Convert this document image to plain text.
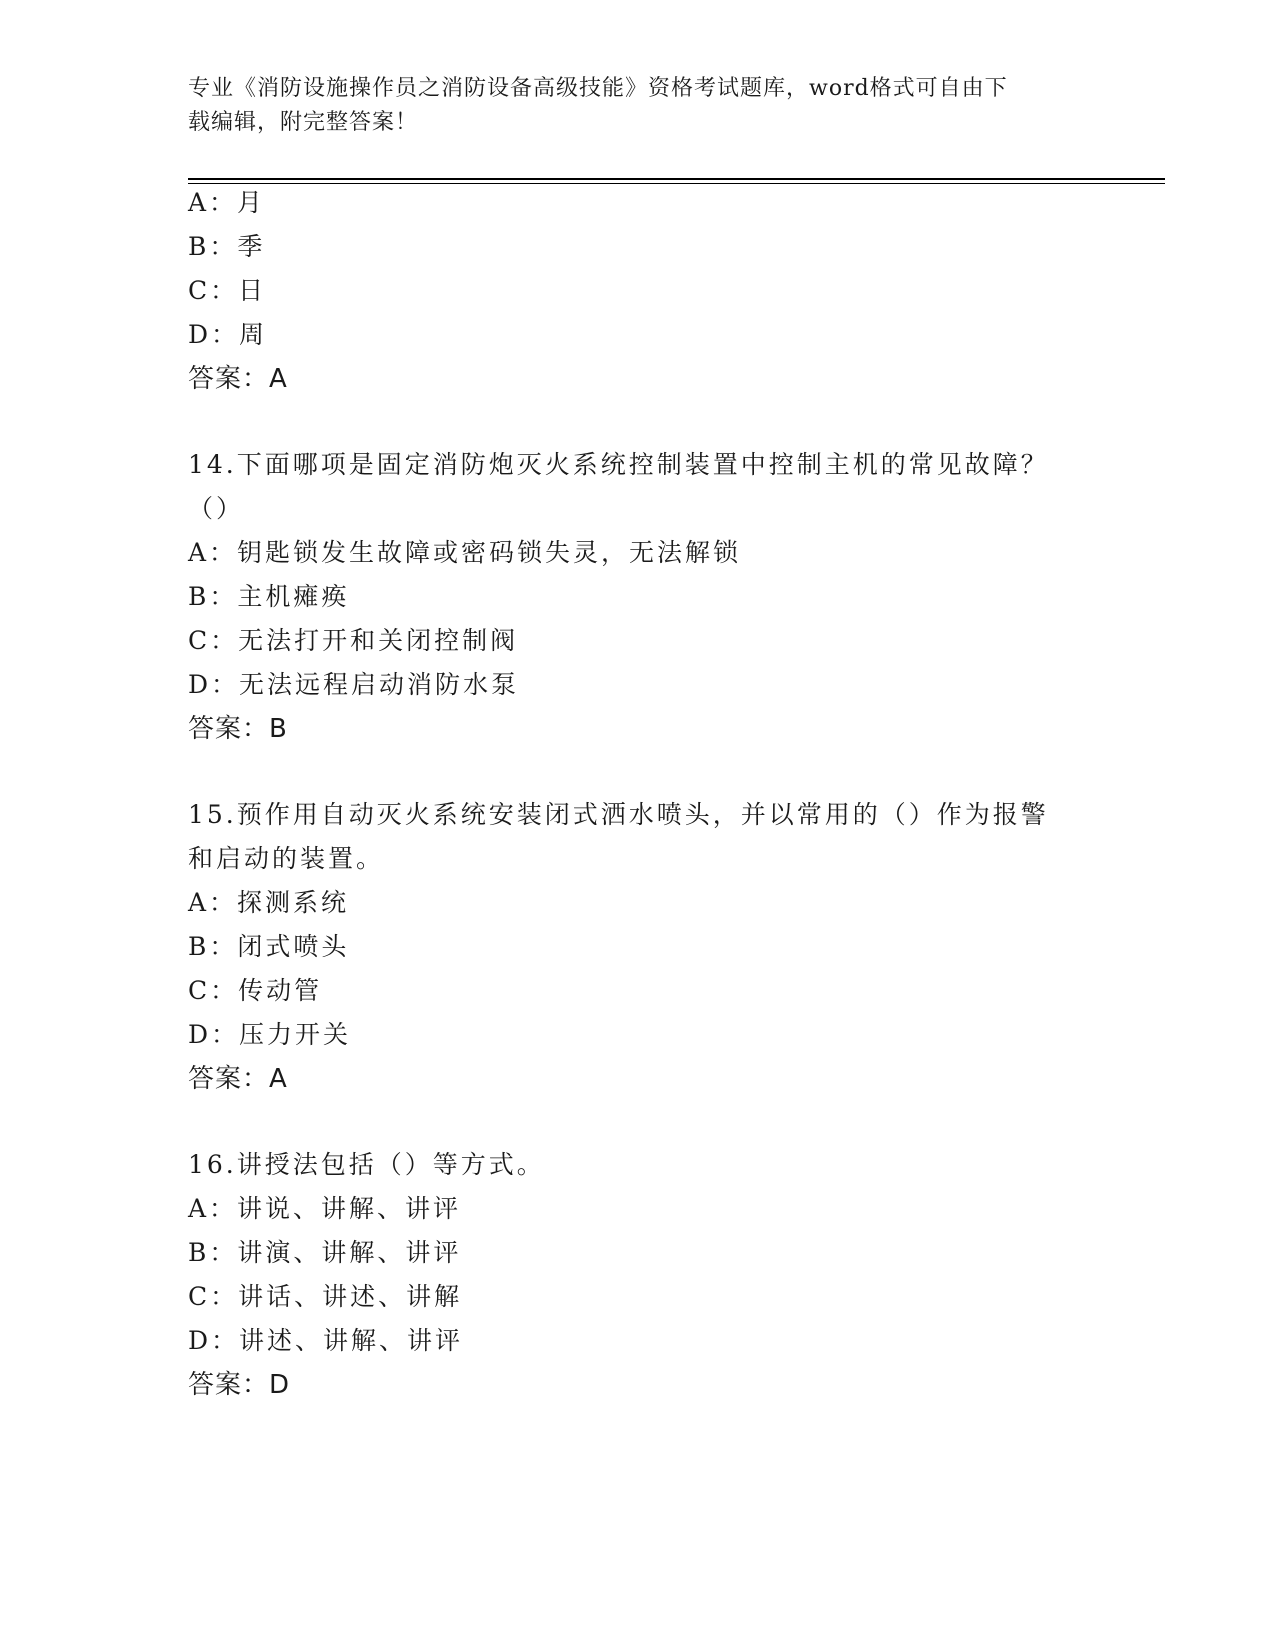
专业《消防设施操作员之消防设备高级技能》资格考试题库，word格式可自由下
载编辑，附完整答案！
A：月
B：季
C：日
D：周
答案：A
14.下面哪项是固定消防炮灭火系统控制装置中控制主机的常见故障？
（）
A：钥匙锁发生故障或密码锁失灵，无法解锁
B：主机瘫痪
C：无法打开和关闭控制阀
D：无法远程启动消防水泵
答案：B
15.预作用自动灭火系统安装闭式洒水喷头，并以常用的（）作为报警
和启动的装置。
A：探测系统
B：闭式喷头
C：传动管
D：压力开关
答案：A
16.讲授法包括（）等方式。
A：讲说、讲解、讲评
B：讲演、讲解、讲评
C：讲话、讲述、讲解
D：讲述、讲解、讲评
答案：D
